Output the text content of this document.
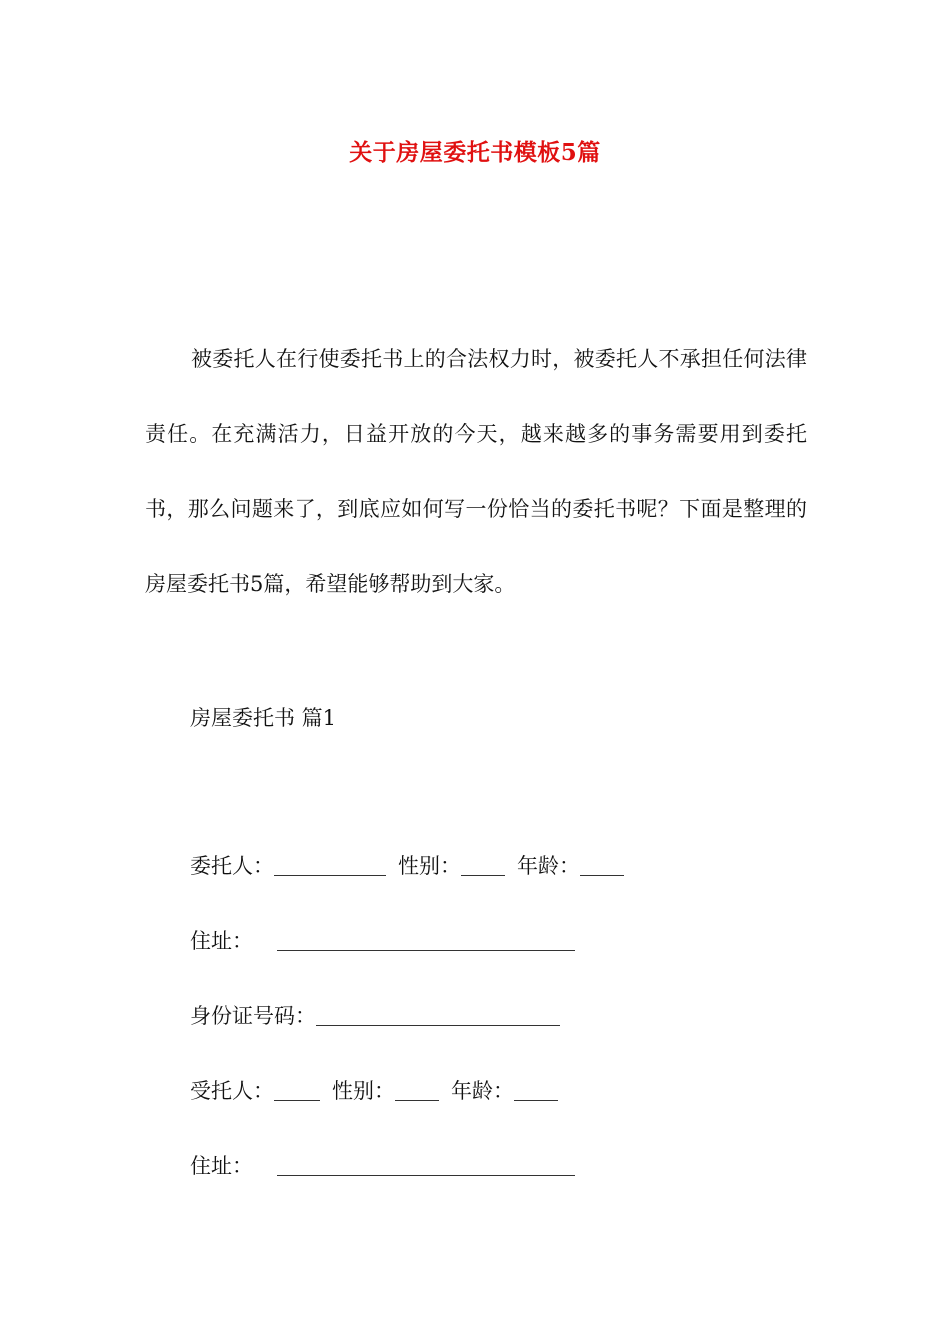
关于房屋委托书模板5篇
被委托人在行使委托书上的合法权力时，被委托人不承担任何法律责任。在充满活力，日益开放的今天，越来越多的事务需要用到委托书，那么问题来了，到底应如何写一份恰当的委托书呢？下面是整理的房屋委托书5篇，希望能够帮助到大家。
房屋委托书 篇1
委托人：	性别：	年龄：
住址：
身份证号码：
受托人：	性别：	年龄：
住址：
